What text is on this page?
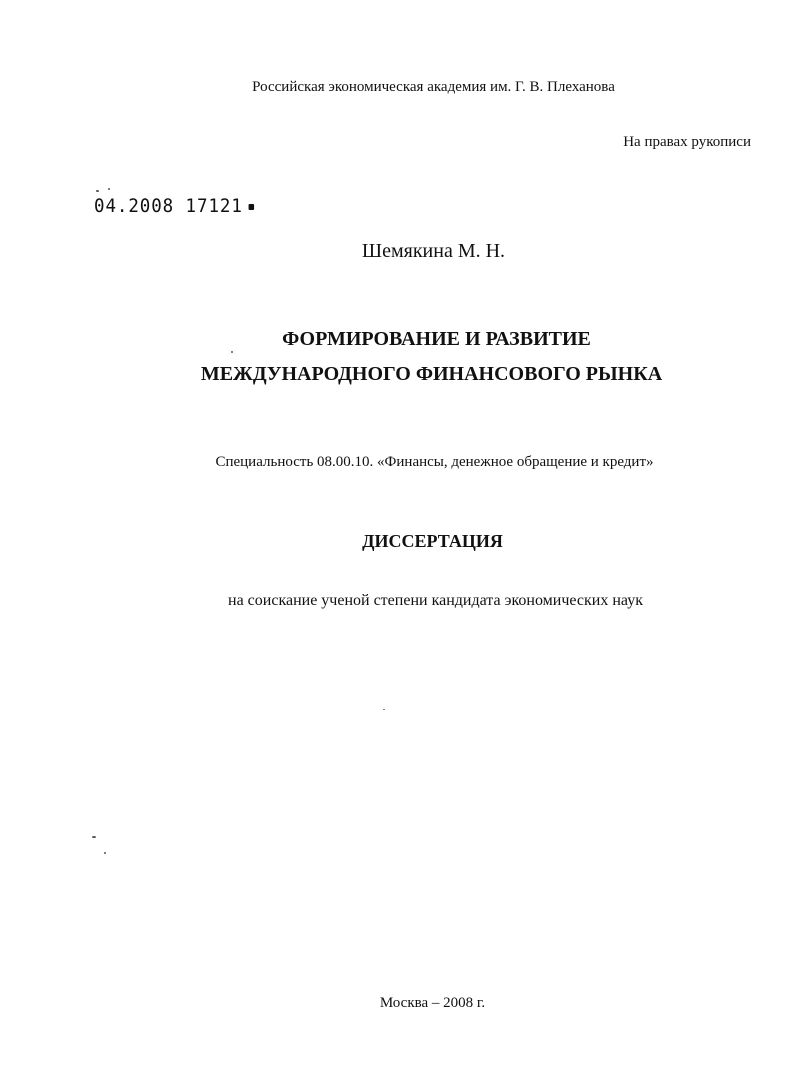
Российская экономическая академия им. Г. В. Плеханова
На правах рукописи
04.2008 17121
Шемякина М. Н.
ФОРМИРОВАНИЕ И РАЗВИТИЕ
МЕЖДУНАРОДНОГО ФИНАНСОВОГО РЫНКА
Специальность 08.00.10. «Финансы, денежное обращение и кредит»
ДИССЕРТАЦИЯ
на соискание ученой степени кандидата экономических наук
Москва – 2008 г.
